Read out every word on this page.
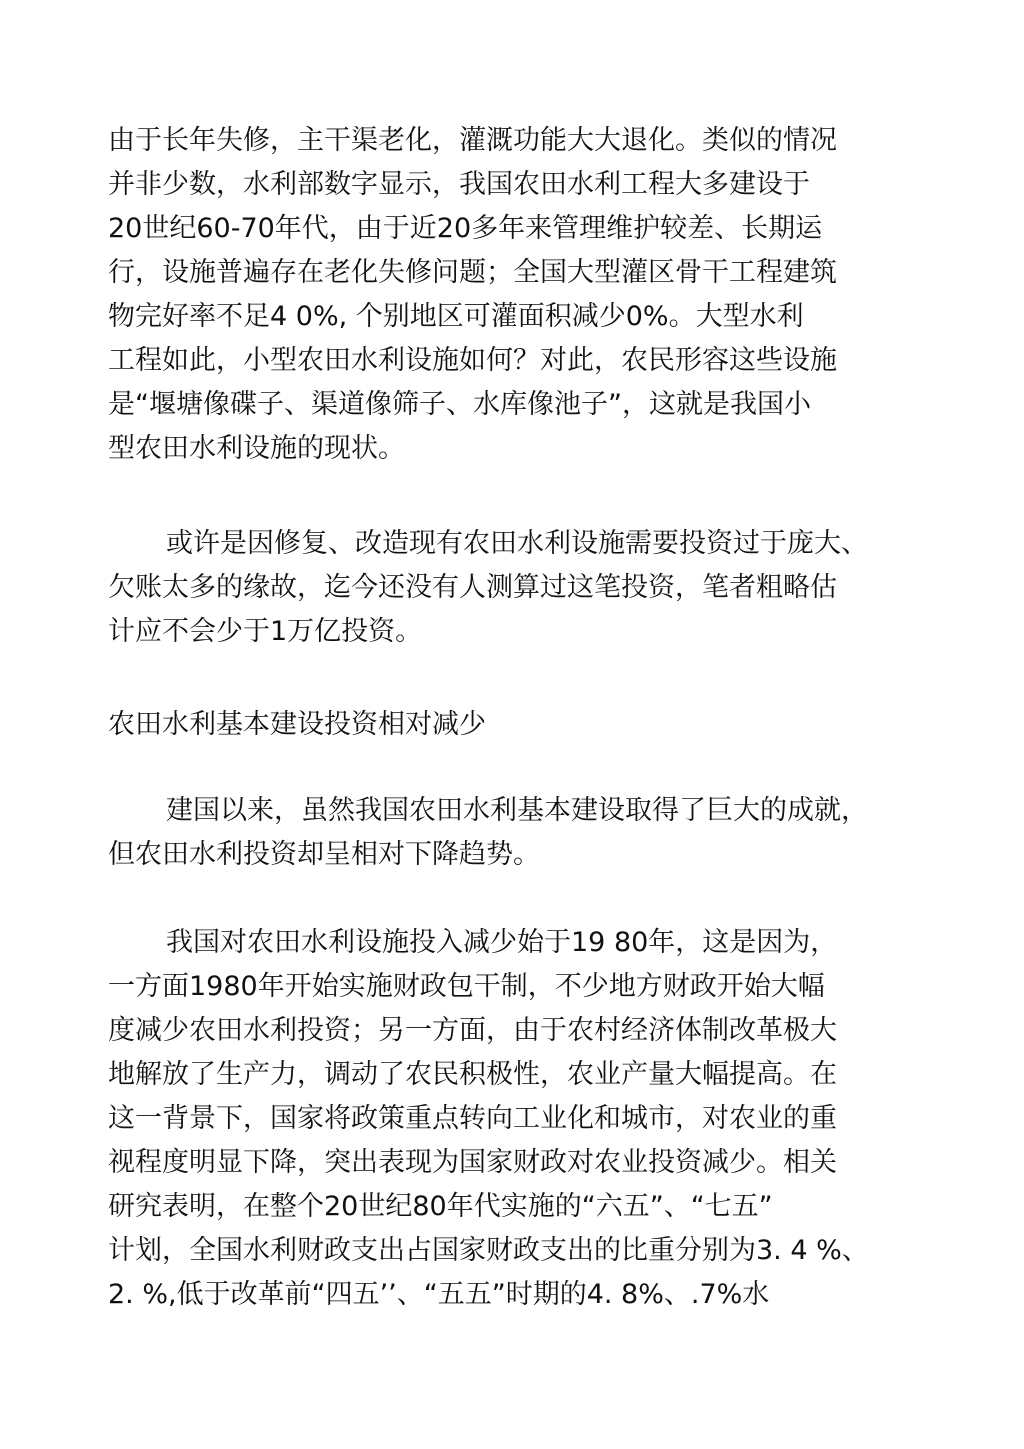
由于长年失修，主干渠老化，灌溉功能大大退化。类似的情况
并非少数，水利部数字显示，我国农田水利工程大多建设于
20世纪60-70年代，由于近20多年来管理维护较差、长期运
行，设施普遍存在老化失修问题；全国大型灌区骨干工程建筑
物完好率不足4 0%, 个别地区可灌面积减少0%。大型水利
工程如此，小型农田水利设施如何？对此，农民形容这些设施
是“堰塘像碟子、渠道像筛子、水库像池子”，这就是我国小
型农田水利设施的现状。
或许是因修复、改造现有农田水利设施需要投资过于庞大、
欠账太多的缘故，迄今还没有人测算过这笔投资，笔者粗略估
计应不会少于1万亿投资。
农田水利基本建设投资相对减少
建国以来，虽然我国农田水利基本建设取得了巨大的成就，
但农田水利投资却呈相对下降趋势。
我国对农田水利设施投入减少始于19 80年，这是因为，
一方面1980年开始实施财政包干制，不少地方财政开始大幅
度减少农田水利投资；另一方面，由于农村经济体制改革极大
地解放了生产力，调动了农民积极性，农业产量大幅提高。在
这一背景下，国家将政策重点转向工业化和城市，对农业的重
视程度明显下降，突出表现为国家财政对农业投资减少。相关
研究表明，在整个20世纪80年代实施的“六五”、“七五”
计划，全国水利财政支出占国家财政支出的比重分别为3. 4 %、
2. %,低于改革前“四五’’、“五五”时期的4. 8%、.7%水
